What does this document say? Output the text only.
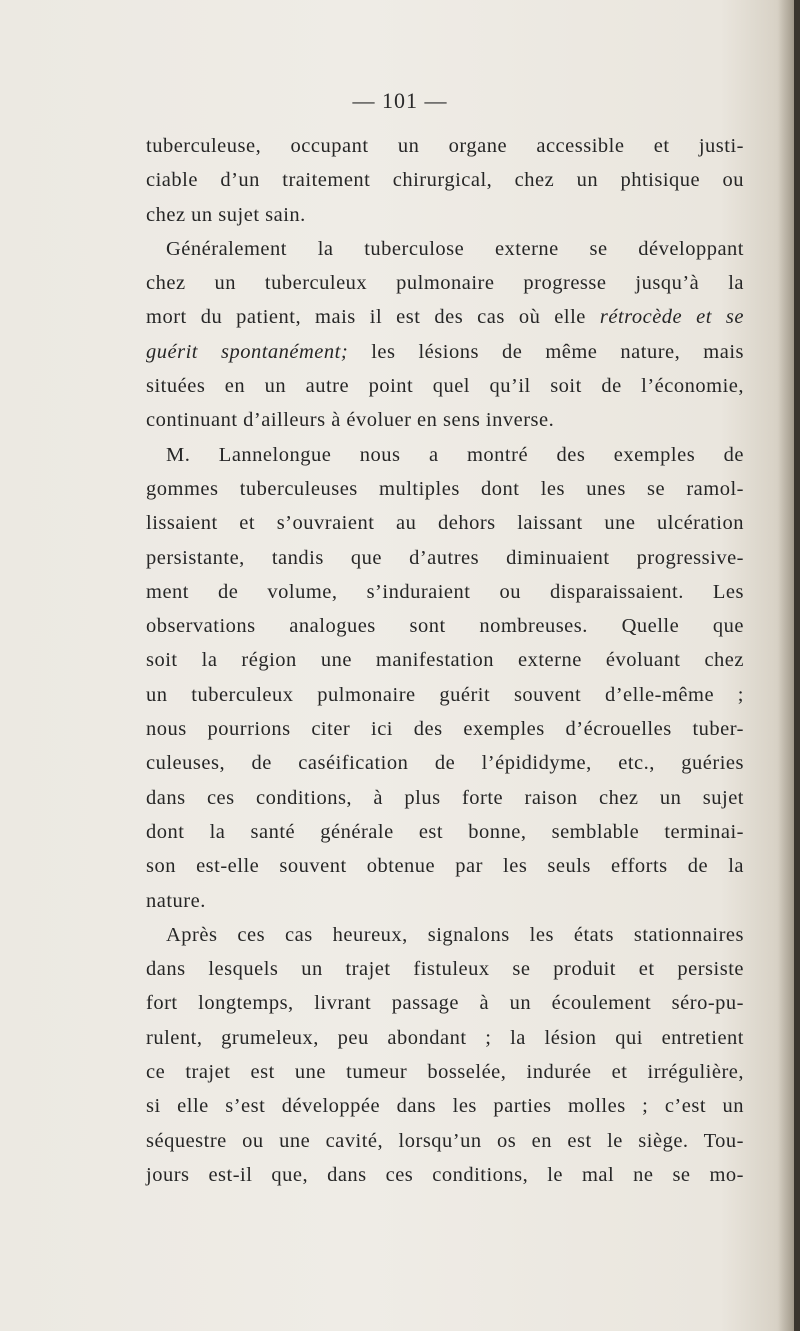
— 101 —
tuberculeuse, occupant un organe accessible et justi-
ciable d’un traitement chirurgical, chez un phtisique ou
chez un sujet sain.
Généralement la tuberculose externe se développant
chez un tuberculeux pulmonaire progresse jusqu’à la
mort du patient, mais il est des cas où elle rétrocède et se
guérit spontanément; les lésions de même nature, mais
situées en un autre point quel qu’il soit de l’économie,
continuant d’ailleurs à évoluer en sens inverse.
M. Lannelongue nous a montré des exemples de
gommes tuberculeuses multiples dont les unes se ramol-
lissaient et s’ouvraient au dehors laissant une ulcération
persistante, tandis que d’autres diminuaient progressive-
ment de volume, s’induraient ou disparaissaient. Les
observations analogues sont nombreuses. Quelle que
soit la région une manifestation externe évoluant chez
un tuberculeux pulmonaire guérit souvent d’elle-même ;
nous pourrions citer ici des exemples d’écrouelles tuber-
culeuses, de caséification de l’épididyme, etc., guéries
dans ces conditions, à plus forte raison chez un sujet
dont la santé générale est bonne, semblable terminai-
son est-elle souvent obtenue par les seuls efforts de la
nature.
Après ces cas heureux, signalons les états stationnaires
dans lesquels un trajet fistuleux se produit et persiste
fort longtemps, livrant passage à un écoulement séro-pu-
rulent, grumeleux, peu abondant ; la lésion qui entretient
ce trajet est une tumeur bosselée, indurée et irrégulière,
si elle s’est développée dans les parties molles ; c’est un
séquestre ou une cavité, lorsqu’un os en est le siège. Tou-
jours est-il que, dans ces conditions, le mal ne se mo-
